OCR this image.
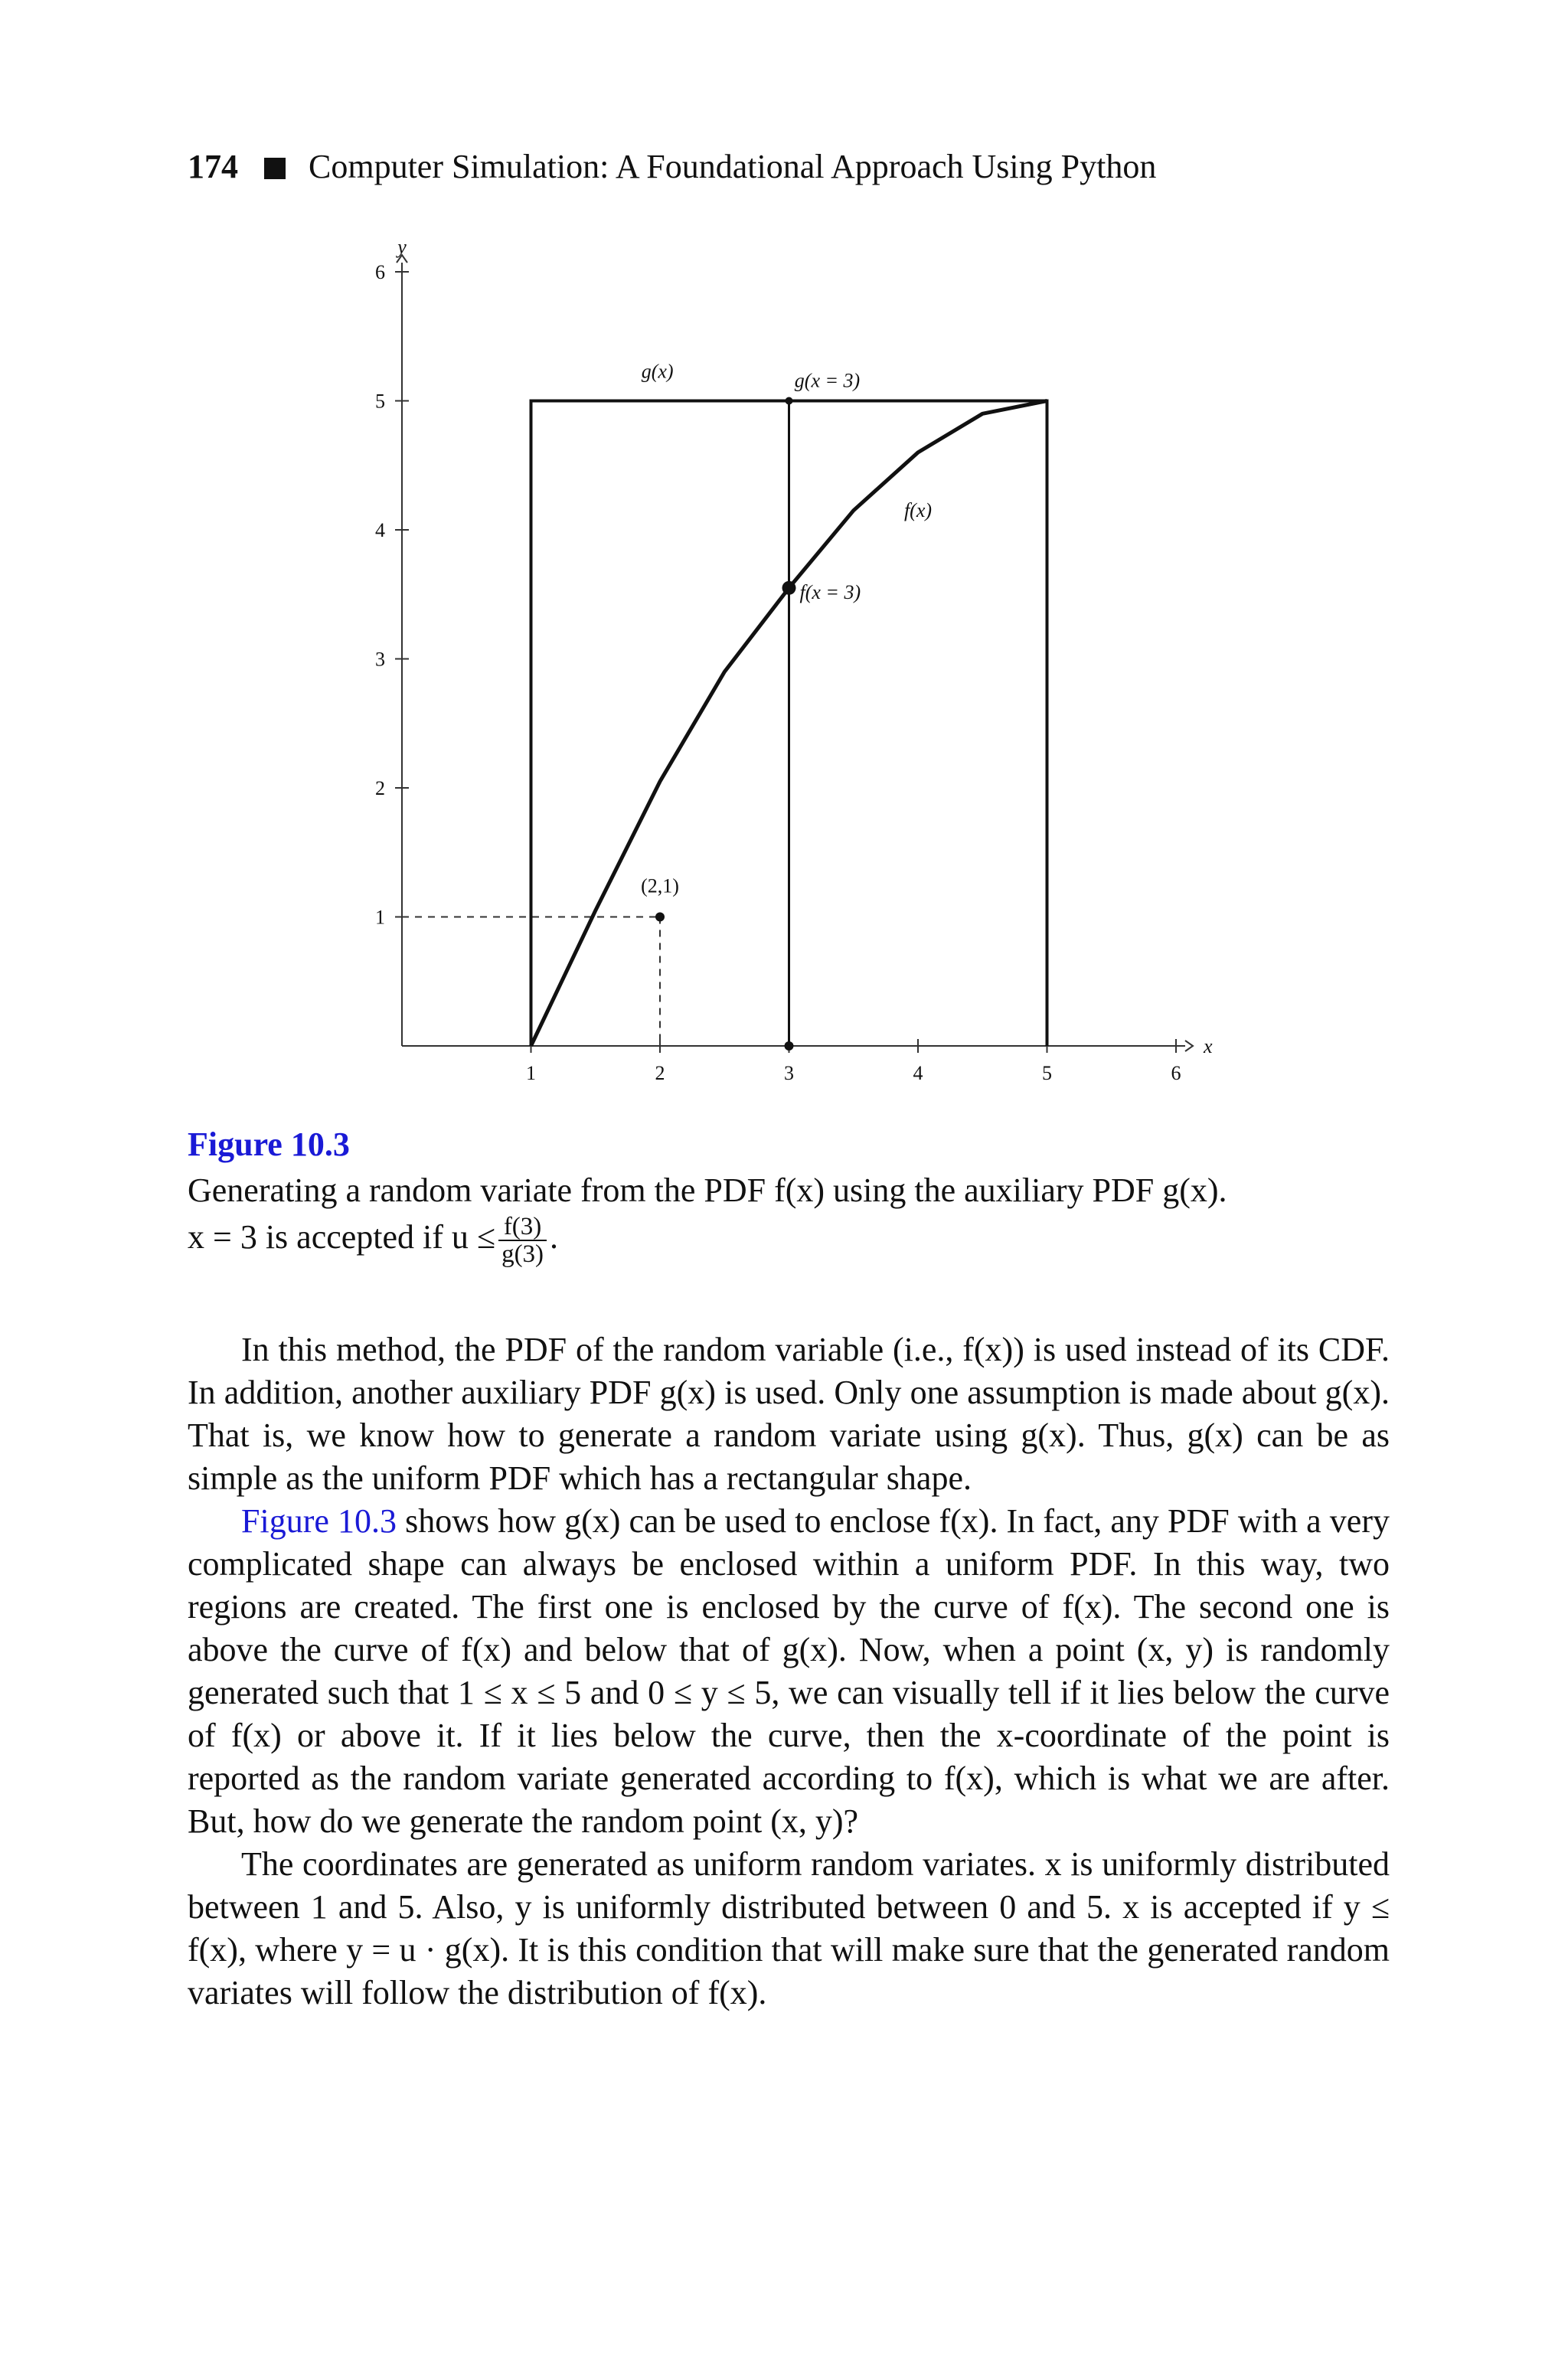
174 Computer Simulation: A Foundational Approach Using Python
x
y
1	2	3	4	5	6
1
2
3
4
5
6
g(x)
f(x)
g(x = 3)
f(x = 3)
(2,1)
Figure 10.3
Generating a random variate from the PDF f(x) using the auxiliary PDF g(x).
x = 3 is accepted if $u \le \frac{f(3)}{g(3)}$ .

In this method, the PDF of the random variable (i.e., f(x)) is used instead of its CDF. In addition, another auxiliary PDF g(x) is used. Only one assumption is made about g(x). That is, we know how to generate a random variate using g(x). Thus, g(x) can be as simple as the uniform PDF which has a rectangular shape.

Figure 10.3 shows how g(x) can be used to enclose f(x). In fact, any PDF with a very complicated shape can always be enclosed within a uniform PDF. In this way, two regions are created. The first one is enclosed by the curve of f(x). The second one is above the curve of f(x) and below that of g(x). Now, when a point (x, y) is randomly generated such that 1 ≤ x ≤ 5 and 0 ≤ y ≤ 5, we can visually tell if it lies below the curve of f(x) or above it. If it lies below the curve, then the x-coordinate of the point is reported as the random variate generated according to f(x), which is what we are after. But, how do we generate the random point (x, y)?

The coordinates are generated as uniform random variates. x is uniformly distributed between 1 and 5. Also, y is uniformly distributed between 0 and 5. x is accepted if y ≤ f(x), where y = u · g(x). It is this condition that will make sure that the generated random variates will follow the distribution of f(x).
